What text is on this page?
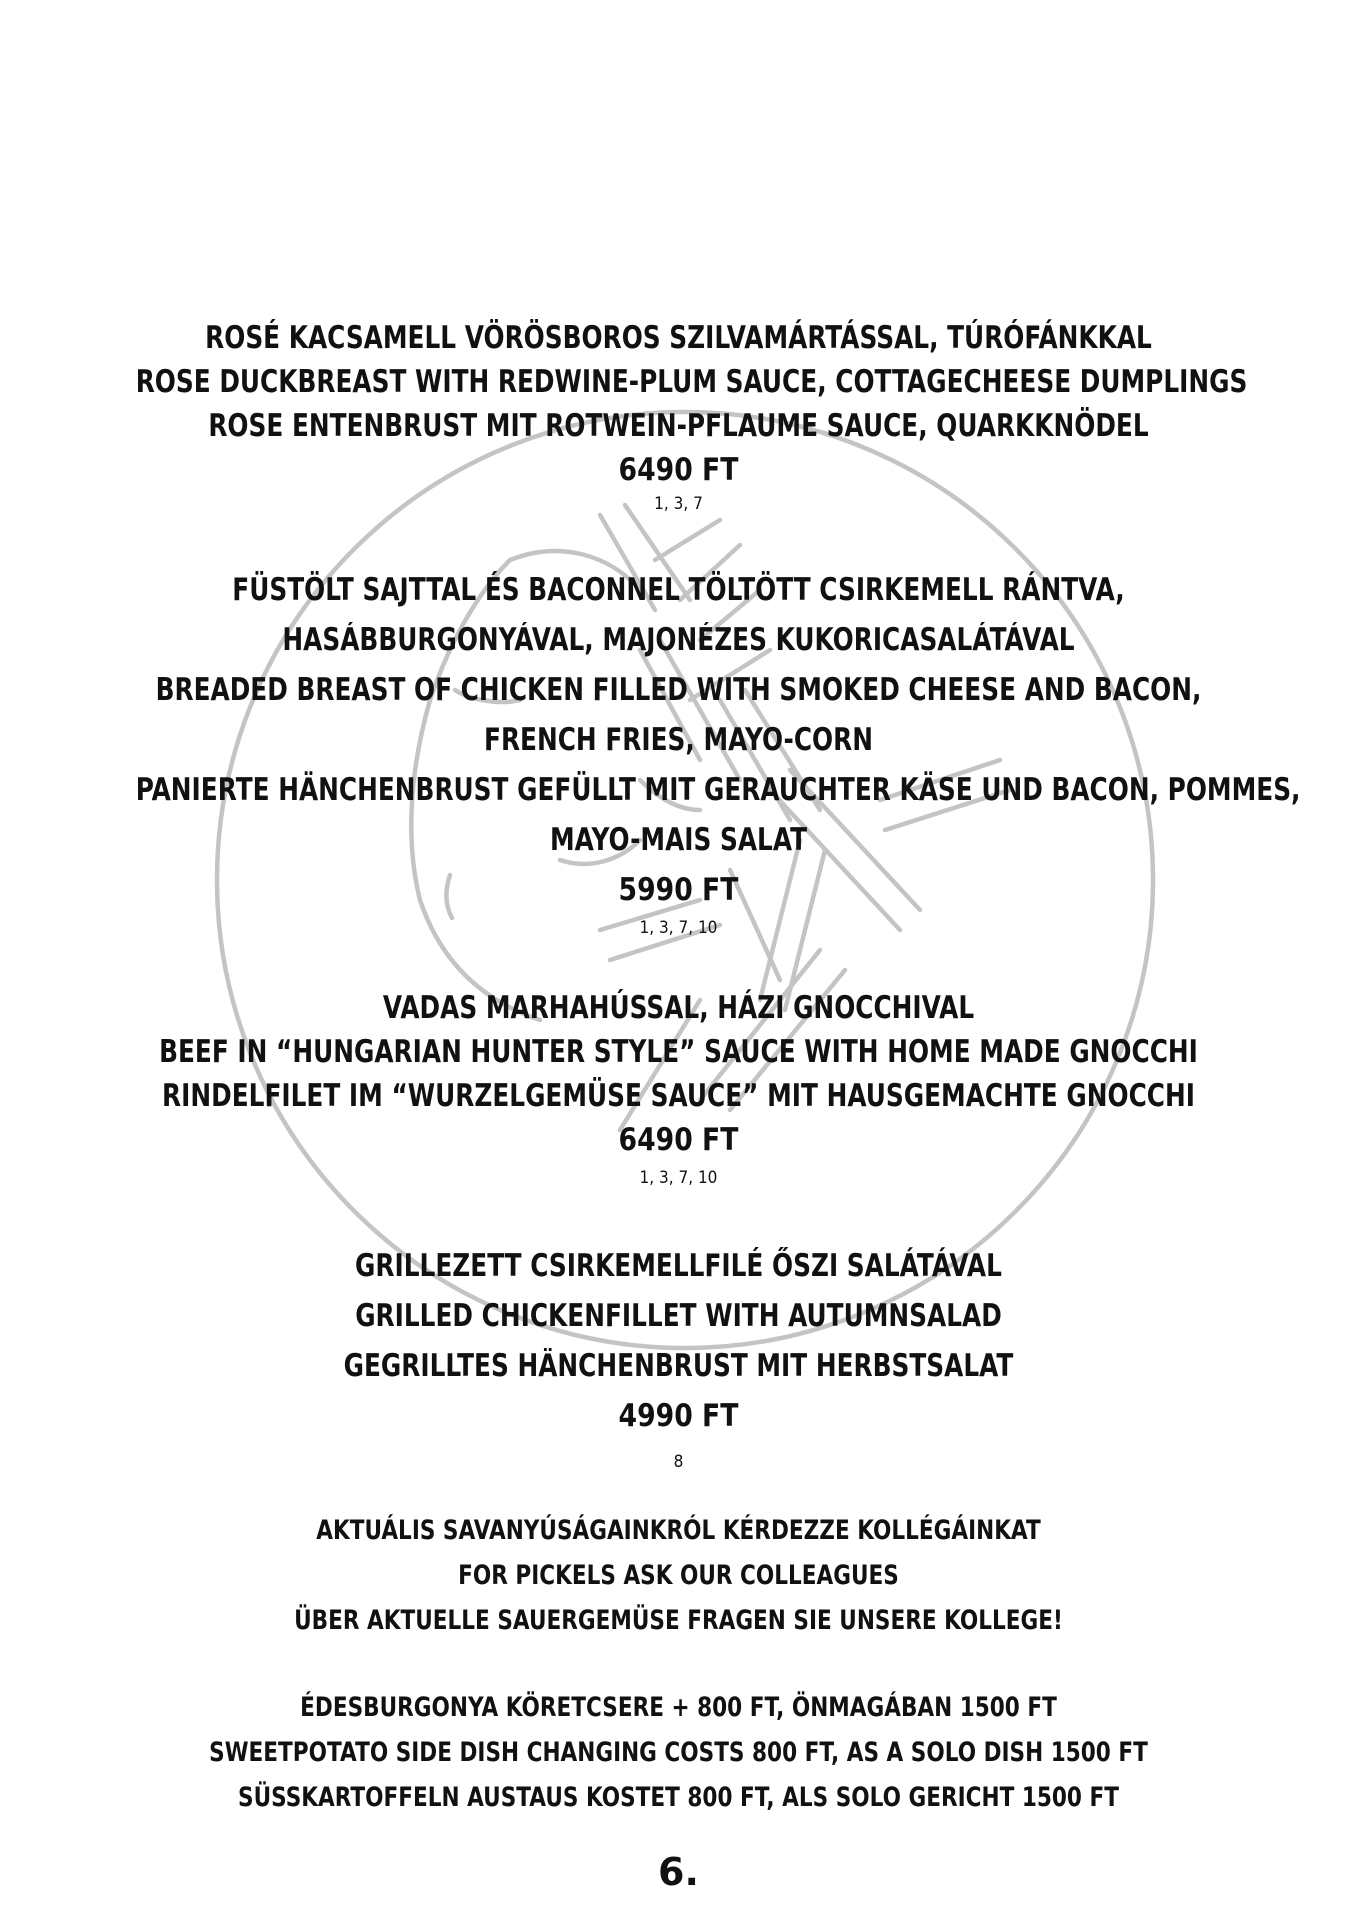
ROSÉ KACSAMELL VÖRÖSBOROS SZILVAMÁRTÁSSAL, TÚRÓFÁNKKAL
ROSE DUCKBREAST WITH REDWINE-PLUM SAUCE, COTTAGECHEESE DUMPLINGS
ROSE ENTENBRUST MIT ROTWEIN-PFLAUME SAUCE, QUARKKNÖDEL
6490 FT
1, 3, 7
FÜSTÖLT SAJTTAL ÉS BACONNEL TÖLTÖTT CSIRKEMELL RÁNTVA,
HASÁBBURGONYÁVAL, MAJONÉZES KUKORICASALÁTÁVAL
BREADED BREAST OF CHICKEN FILLED WITH SMOKED CHEESE AND BACON,
FRENCH FRIES, MAYO-CORN
PANIERTE HÄNCHENBRUST GEFÜLLT MIT GERAUCHTER KÄSE UND BACON, POMMES,
MAYO-MAIS SALAT
5990 FT
1, 3, 7, 10
VADAS MARHAHÚSSAL, HÁZI GNOCCHIVAL
BEEF IN “HUNGARIAN HUNTER STYLE” SAUCE WITH HOME MADE GNOCCHI
RINDELFILET IM “WURZELGEMÜSE SAUCE” MIT HAUSGEMACHTE GNOCCHI
6490 FT
1, 3, 7, 10
GRILLEZETT CSIRKEMELLFILÉ ŐSZI SALÁTÁVAL
GRILLED CHICKENFILLET WITH AUTUMNSALAD
GEGRILLTES HÄNCHENBRUST MIT HERBSTSALAT
4990 FT
8
AKTUÁLIS SAVANYÚSÁGAINKRÓL KÉRDEZZE KOLLÉGÁINKAT
FOR PICKELS ASK OUR COLLEAGUES
ÜBER AKTUELLE SAUERGEMÜSE FRAGEN SIE UNSERE KOLLEGE!
ÉDESBURGONYA KÖRETCSERE + 800 FT, ÖNMAGÁBAN 1500 FT
SWEETPOTATO SIDE DISH CHANGING COSTS 800 FT, AS A SOLO DISH 1500 FT
SÜSSKARTOFFELN AUSTAUS KOSTET 800 FT, ALS SOLO GERICHT 1500 FT
6.
